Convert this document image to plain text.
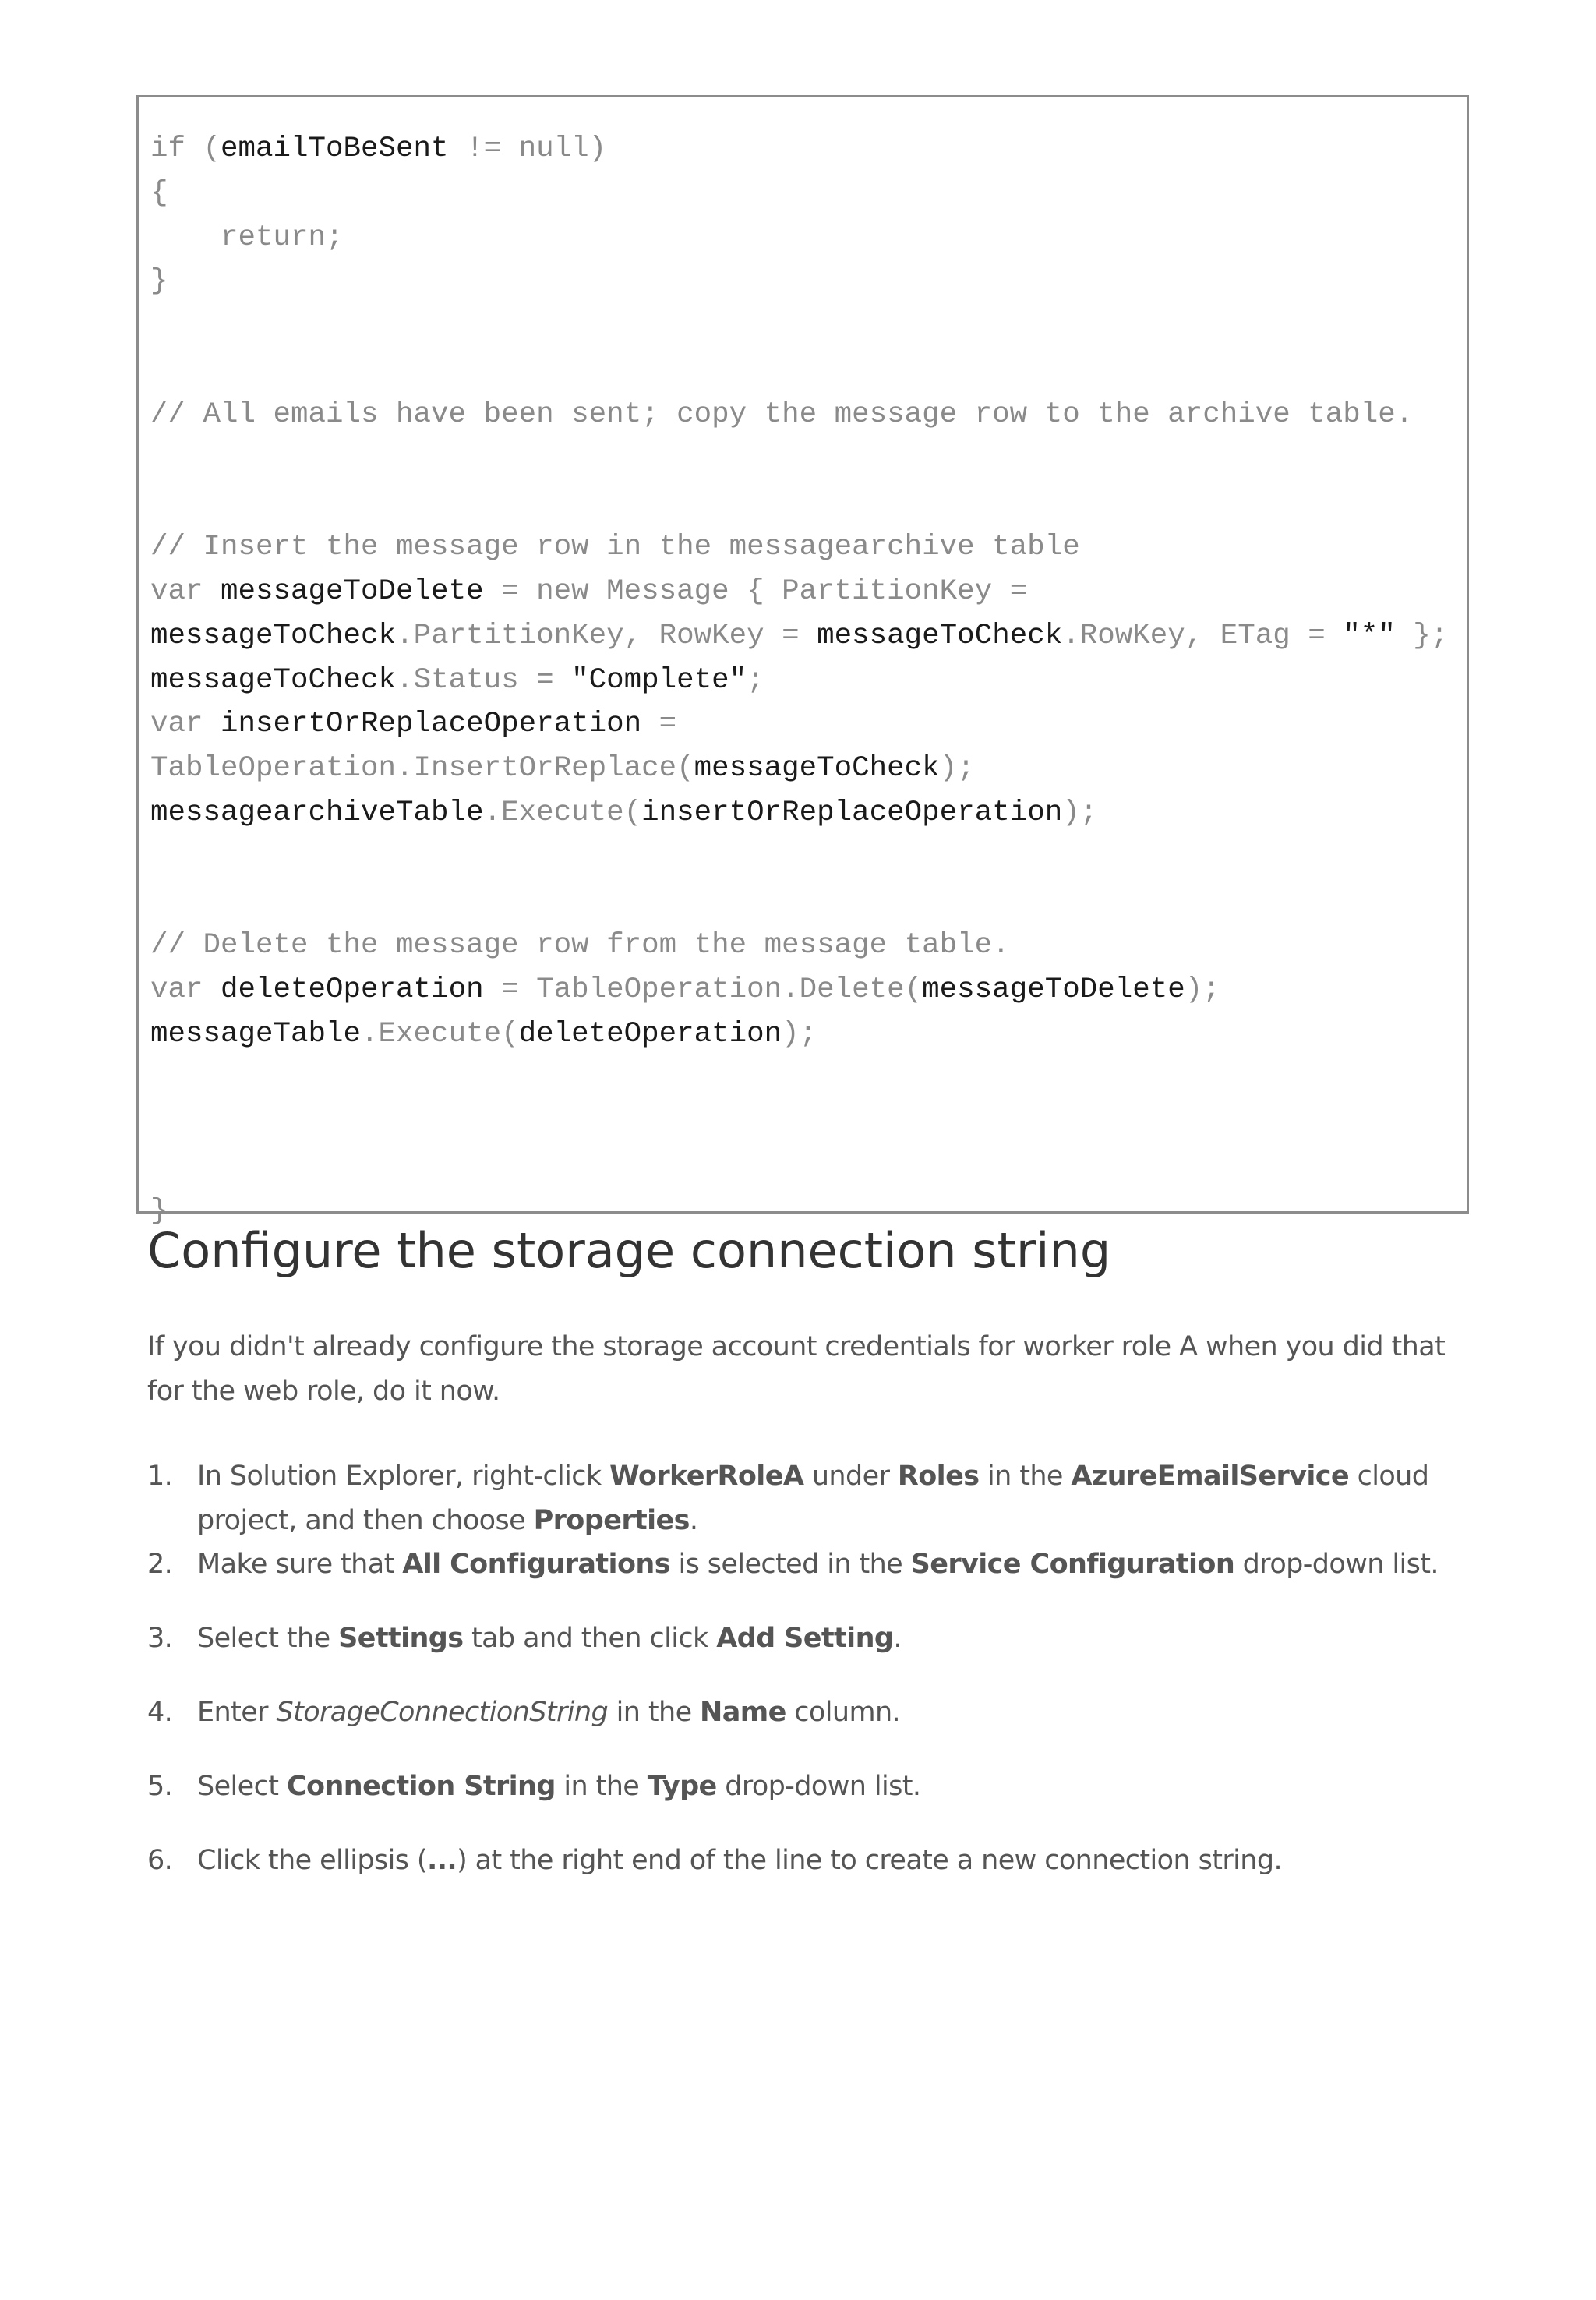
if (emailToBeSent != null)
{
return;
}
// All emails have been sent; copy the message row to the archive table.
// Insert the message row in the messagearchive table
var messageToDelete = new Message { PartitionKey =
messageToCheck.PartitionKey, RowKey = messageToCheck.RowKey, ETag = "*" };
messageToCheck.Status = "Complete";
var insertOrReplaceOperation =
TableOperation.InsertOrReplace(messageToCheck);
messagearchiveTable.Execute(insertOrReplaceOperation);
// Delete the message row from the message table.
var deleteOperation = TableOperation.Delete(messageToDelete);
messageTable.Execute(deleteOperation);
}
Configure the storage connection string

If you didn't already configure the storage account credentials for worker role A when you did that for the web role, do it now.

1. In Solution Explorer, right-click WorkerRoleA under Roles in the AzureEmailService cloud project, and then choose Properties.
2. Make sure that All Configurations is selected in the Service Configuration drop-down list.
3. Select the Settings tab and then click Add Setting.
4. Enter StorageConnectionString in the Name column.
5. Select Connection String in the Type drop-down list.
6. Click the ellipsis (...) at the right end of the line to create a new connection string.
